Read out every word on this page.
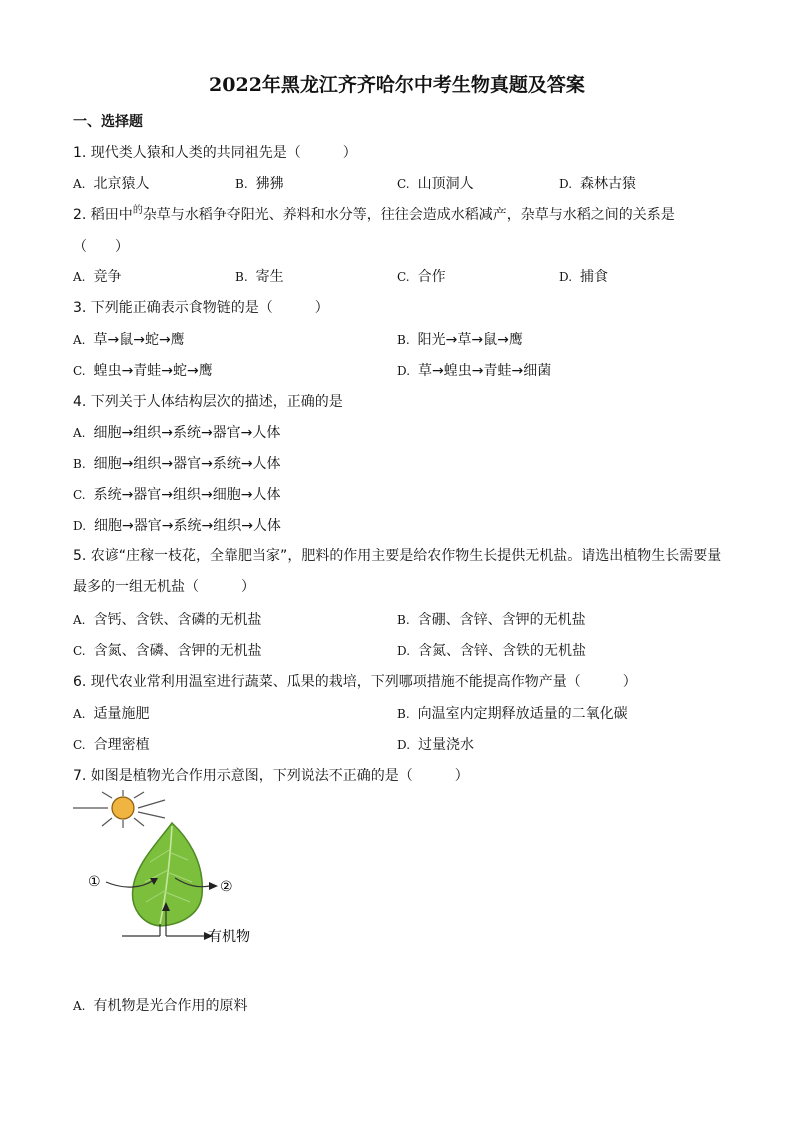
2022年黑龙江齐齐哈尔中考生物真题及答案
一、选择题
1. 现代类人猿和人类的共同祖先是（　　　）
A. 北京猿人	B. 狒狒	C. 山顶洞人	D. 森林古猿
2. 稻田中$^的$杂草与水稻争夺阳光、养料和水分等，往往会造成水稻减产，杂草与水稻之间的关系是（　　）
A. 竞争	B. 寄生	C. 合作	D. 捕食
3. 下列能正确表示食物链的是（　　　）
A. 草→鼠→蛇→鹰	B. 阳光→草→鼠→鹰
C. 蝗虫→青蛙→蛇→鹰	D. 草→蝗虫→青蛙→细菌
4. 下列关于人体结构层次的描述，正确的是
A. 细胞→组织→系统→器官→人体
B. 细胞→组织→器官→系统→人体
C. 系统→器官→组织→细胞→人体
D. 细胞→器官→系统→组织→人体
5. 农谚“庄稼一枝花，全靠肥当家”，肥料的作用主要是给农作物生长提供无机盐。请选出植物生长需要量最多的一组无机盐（　　　）
A. 含钙、含铁、含磷的无机盐	B. 含硼、含锌、含钾的无机盐
C. 含氮、含磷、含钾的无机盐	D. 含氮、含锌、含铁的无机盐
6. 现代农业常利用温室进行蔬菜、瓜果的栽培，下列哪项措施不能提高作物产量（　　　）
A. 适量施肥	B. 向温室内定期释放适量的二氧化碳
C. 合理密植	D. 过量浇水
7. 如图是植物光合作用示意图，下列说法不正确的是（　　　）
①	②
有机物
A. 有机物是光合作用的原料
